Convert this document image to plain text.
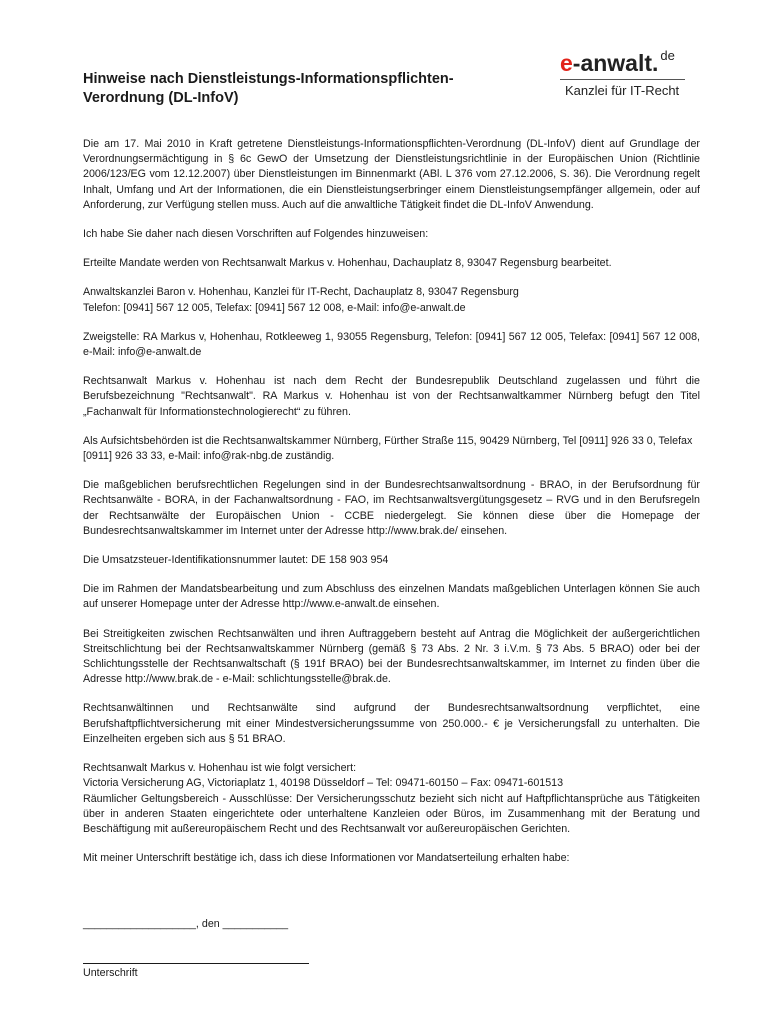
Hinweise nach Dienstleistungs-Informationspflichten-
Verordnung (DL-InfoV)
e-anwalt. de
Kanzlei für IT-Recht

Die am 17. Mai 2010 in Kraft getretene Dienstleistungs-Informationspflichten-Verordnung (DL-InfoV) dient auf Grundlage der Verordnungsermächtigung in § 6c GewO der Umsetzung der Dienstleistungsrichtlinie in der Europäischen Union (Richtlinie 2006/123/EG vom 12.12.2007) über Dienstleistungen im Binnenmarkt (ABl. L 376 vom 27.12.2006, S. 36). Die Verordnung regelt Inhalt, Umfang und Art der Informationen, die ein Dienstleistungserbringer einem Dienstleistungsempfänger allgemein, oder auf Anforderung, zur Verfügung stellen muss. Auch auf die anwaltliche Tätigkeit findet die DL-InfoV Anwendung.

Ich habe Sie daher nach diesen Vorschriften auf Folgendes hinzuweisen:

Erteilte Mandate werden von Rechtsanwalt Markus v. Hohenhau, Dachauplatz 8, 93047 Regensburg bearbeitet.

Anwaltskanzlei Baron v. Hohenhau, Kanzlei für IT-Recht, Dachauplatz 8, 93047 Regensburg
Telefon: [0941] 567 12 005, Telefax: [0941] 567 12 008, e-Mail: info@e-anwalt.de

Zweigstelle: RA Markus v, Hohenhau, Rotkleeweg 1, 93055 Regensburg, Telefon: [0941] 567 12 005, Telefax: [0941] 567 12 008, e-Mail: info@e-anwalt.de

Rechtsanwalt Markus v. Hohenhau ist nach dem Recht der Bundesrepublik Deutschland zugelassen und führt die Berufsbezeichnung "Rechtsanwalt". RA Markus v. Hohenhau ist von der Rechtsanwaltkammer Nürnberg befugt den Titel „Fachanwalt für Informationstechnologierecht“ zu führen.

Als Aufsichtsbehörden ist die Rechtsanwaltskammer Nürnberg, Fürther Straße 115, 90429 Nürnberg, Tel [0911] 926 33 0, Telefax [0911] 926 33 33, e-Mail: info@rak-nbg.de zuständig.

Die maßgeblichen berufsrechtlichen Regelungen sind in der Bundesrechtsanwaltsordnung - BRAO, in der Berufsordnung für Rechtsanwälte - BORA, in der Fachanwaltsordnung - FAO, im Rechtsanwaltsvergütungsgesetz – RVG und in den Berufsregeln der Rechtsanwälte der Europäischen Union - CCBE niedergelegt. Sie können diese über die Homepage der Bundesrechtsanwaltskammer im Internet unter der Adresse http://www.brak.de/ einsehen.

Die Umsatzsteuer-Identifikationsnummer lautet: DE 158 903 954

Die im Rahmen der Mandatsbearbeitung und zum Abschluss des einzelnen Mandats maßgeblichen Unterlagen können Sie auch auf unserer Homepage unter der Adresse http://www.e-anwalt.de einsehen.

Bei Streitigkeiten zwischen Rechtsanwälten und ihren Auftraggebern besteht auf Antrag die Möglichkeit der außergerichtlichen Streitschlichtung bei der Rechtsanwaltskammer Nürnberg (gemäß § 73 Abs. 2 Nr. 3 i.V.m. § 73 Abs. 5 BRAO) oder bei der Schlichtungsstelle der Rechtsanwaltschaft (§ 191f BRAO) bei der Bundesrechtsanwaltskammer, im Internet zu finden über die Adresse http://www.brak.de - e-Mail: schlichtungsstelle@brak.de.

Rechtsanwältinnen und Rechtsanwälte sind aufgrund der Bundesrechtsanwaltsordnung verpflichtet, eine Berufshaftpflichtversicherung mit einer Mindestversicherungssumme von 250.000.- € je Versicherungsfall zu unterhalten. Die Einzelheiten ergeben sich aus § 51 BRAO.

Rechtsanwalt Markus v. Hohenhau ist wie folgt versichert:
Victoria Versicherung AG, Victoriaplatz 1, 40198 Düsseldorf – Tel: 09471-60150 – Fax: 09471-601513
Räumlicher Geltungsbereich - Ausschlüsse: Der Versicherungsschutz bezieht sich nicht auf Haftpflichtansprüche aus Tätigkeiten über in anderen Staaten eingerichtete oder unterhaltene Kanzleien oder Büros, im Zusammenhang mit der Beratung und Beschäftigung mit außereuropäischem Recht und des Rechtsanwalt vor außereuropäischen Gerichten.

Mit meiner Unterschrift bestätige ich, dass ich diese Informationen vor Mandatserteilung erhalten habe:

___________________, den ___________
Unterschrift
